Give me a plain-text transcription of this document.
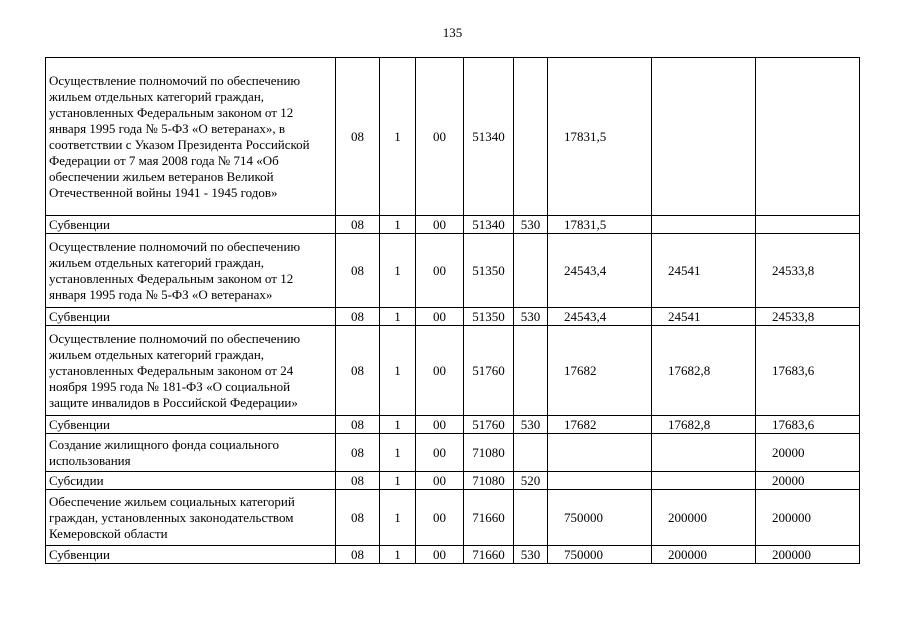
135
Осуществление полномочий по обеспечению жильем отдельных категорий граждан, установленных Федеральным законом от 12 января 1995 года № 5-ФЗ «О ветеранах», в соответствии с Указом Президента Российской Федерации от 7 мая 2008 года № 714 «Об обеспечении жильем ветеранов Великой Отечественной войны 1941 - 1945 годов»	08	1	00	51340		17831,5		
Субвенции	08	1	00	51340	530	17831,5		
Осуществление полномочий по обеспечению жильем отдельных категорий граждан, установленных Федеральным законом от 12 января 1995 года № 5-ФЗ «О ветеранах»	08	1	00	51350		24543,4	24541	24533,8
Субвенции	08	1	00	51350	530	24543,4	24541	24533,8
Осуществление полномочий по обеспечению жильем отдельных категорий граждан, установленных Федеральным законом от 24 ноября 1995 года № 181-ФЗ «О социальной защите инвалидов в Российской Федерации»	08	1	00	51760		17682	17682,8	17683,6
Субвенции	08	1	00	51760	530	17682	17682,8	17683,6
Создание жилищного фонда социального использования	08	1	00	71080				20000
Субсидии	08	1	00	71080	520			20000
Обеспечение жильем социальных категорий граждан, установленных законодательством Кемеровской области	08	1	00	71660		750000	200000	200000
Субвенции	08	1	00	71660	530	750000	200000	200000
